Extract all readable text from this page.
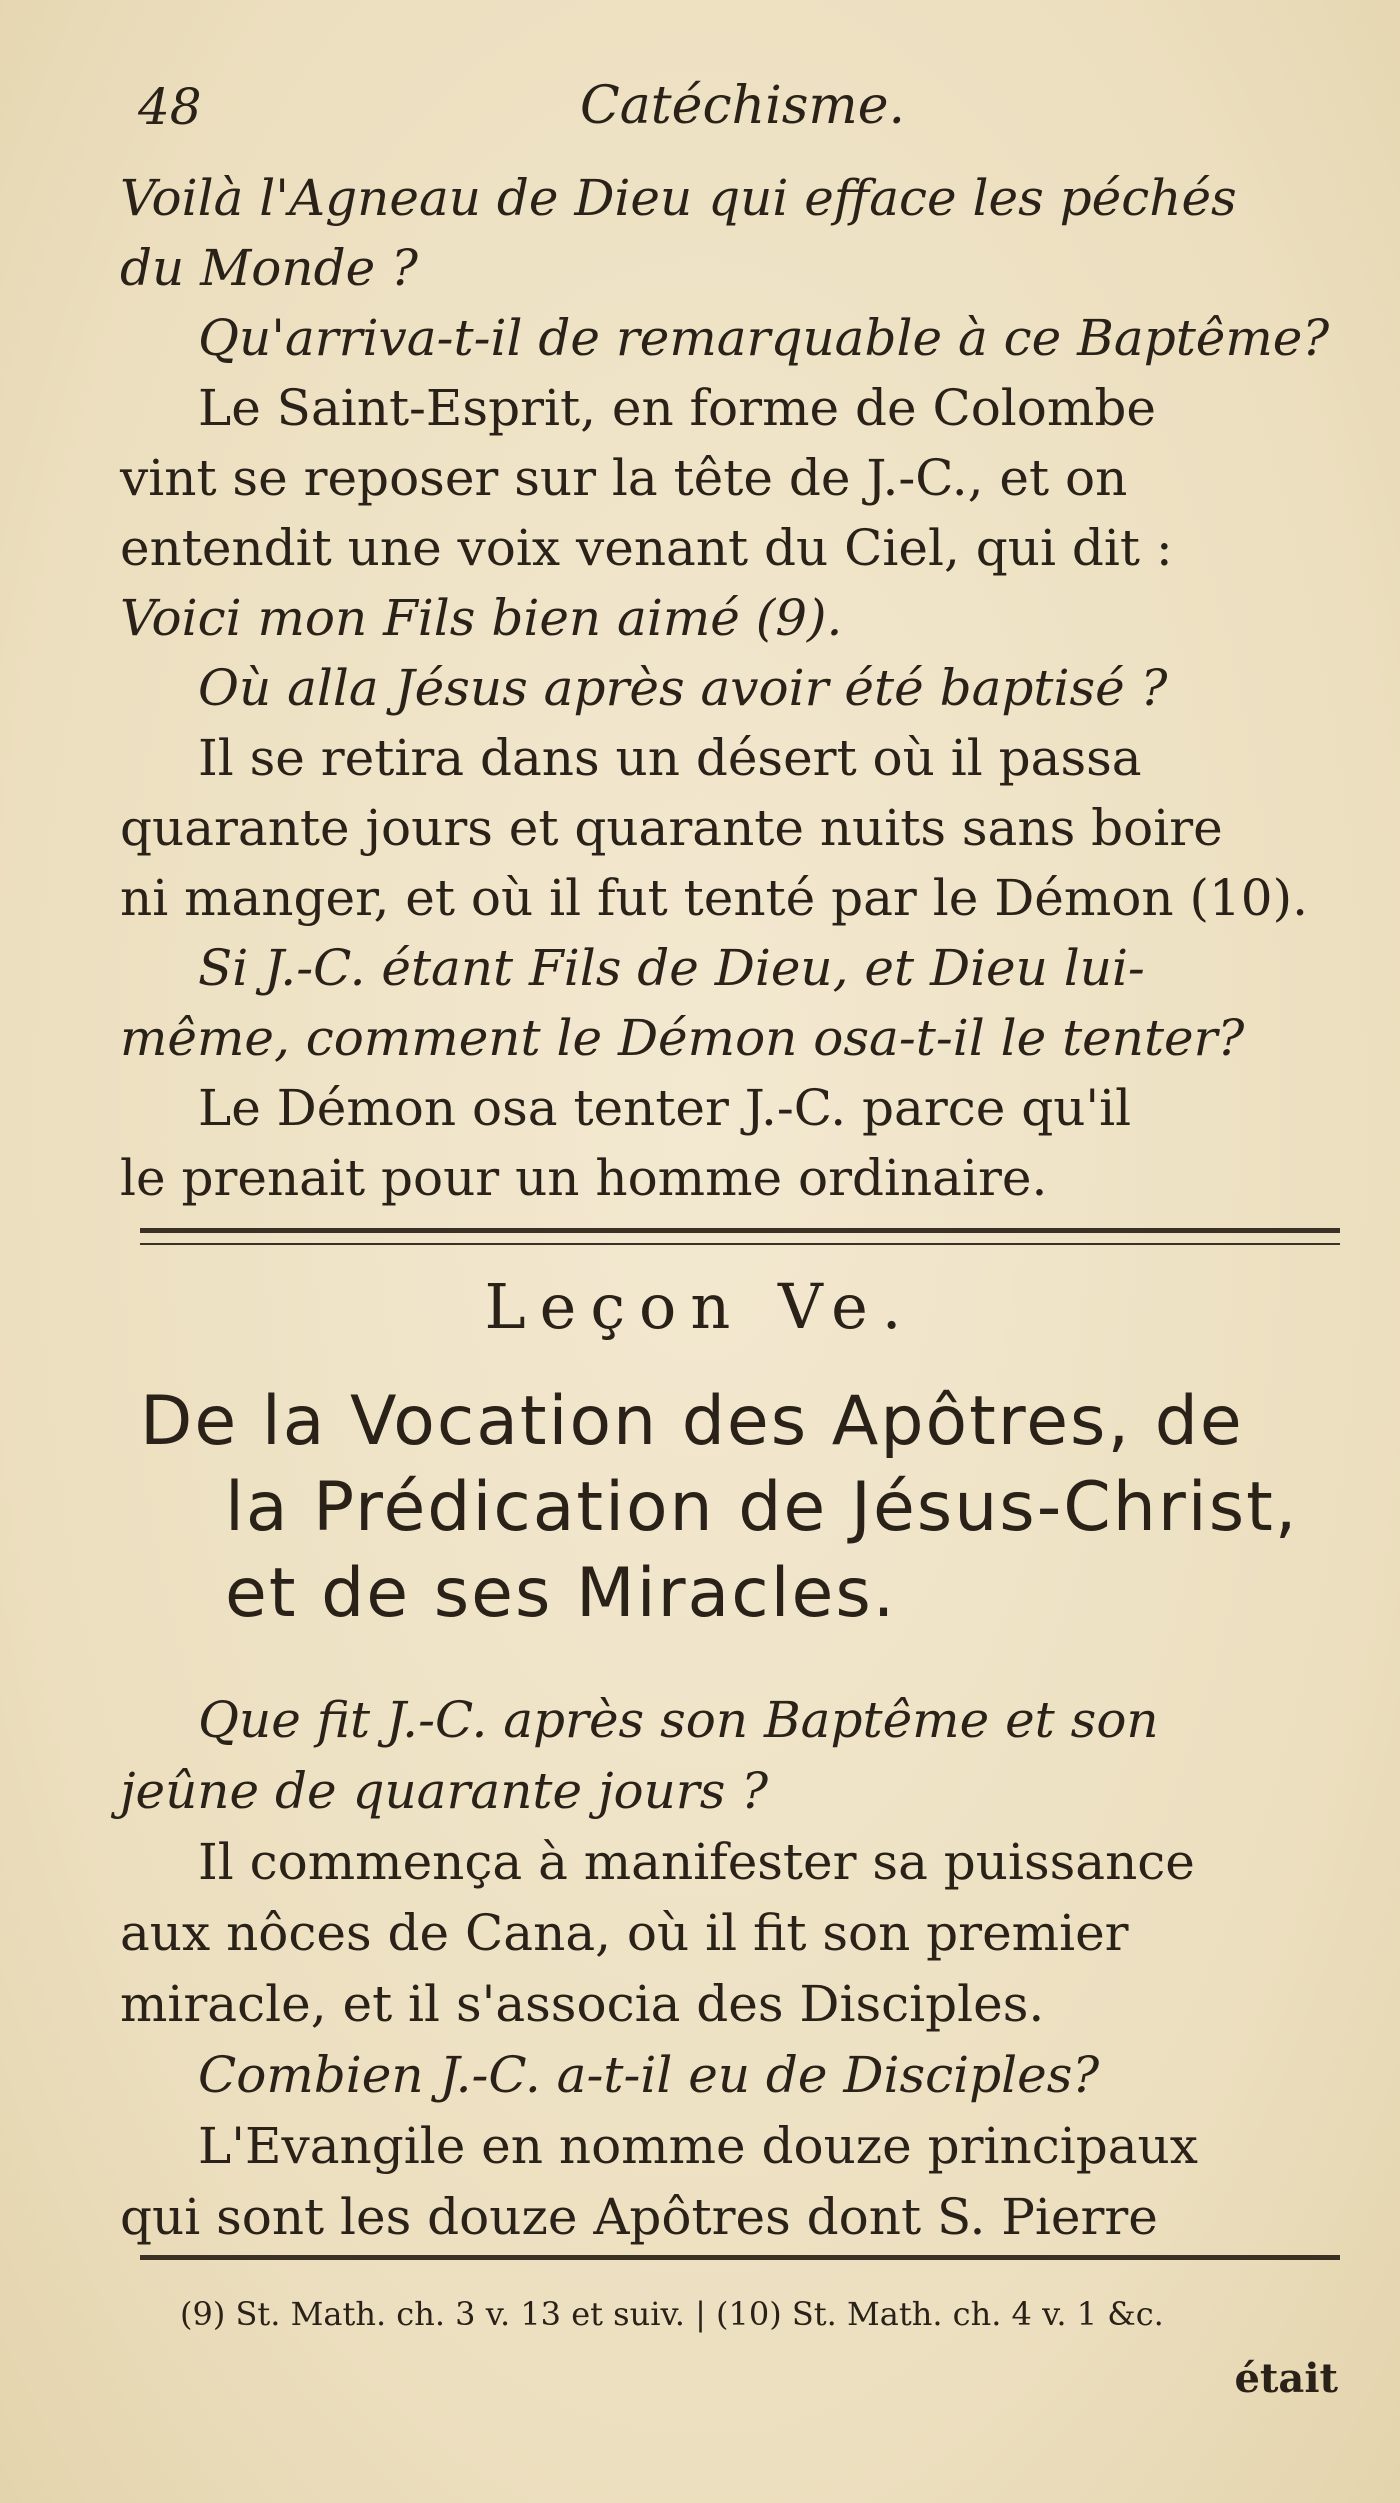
48	Catéchisme.
Voilà l'Agneau de Dieu qui efface les péchés
du Monde ?
Qu'arriva-t-il de remarquable à ce Baptême?
Le Saint-Esprit, en forme de Colombe
vint se reposer sur la tête de J.-C., et on
entendit une voix venant du Ciel, qui dit :
Voici mon Fils bien aimé (9).
Où alla Jésus après avoir été baptisé ?
Il se retira dans un désert où il passa
quarante jours et quarante nuits sans boire
ni manger, et où il fut tenté par le Démon (10).
Si J.-C. étant Fils de Dieu, et Dieu lui-
même, comment le Démon osa-t-il le tenter?
Le Démon osa tenter J.-C. parce qu'il
le prenait pour un homme ordinaire.
Leçon Ve.
De la Vocation des Apôtres, de
la Prédication de Jésus-Christ,
et de ses Miracles.
Que fit J.-C. après son Baptême et son
jeûne de quarante jours ?
Il commença à manifester sa puissance
aux nôces de Cana, où il fit son premier
miracle, et il s'associa des Disciples.
Combien J.-C. a-t-il eu de Disciples?
L'Evangile en nomme douze principaux
qui sont les douze Apôtres dont S. Pierre
(9) St. Math. ch. 3 v. 13 et suiv. | (10) St. Math. ch. 4 v. 1 &c.
était
